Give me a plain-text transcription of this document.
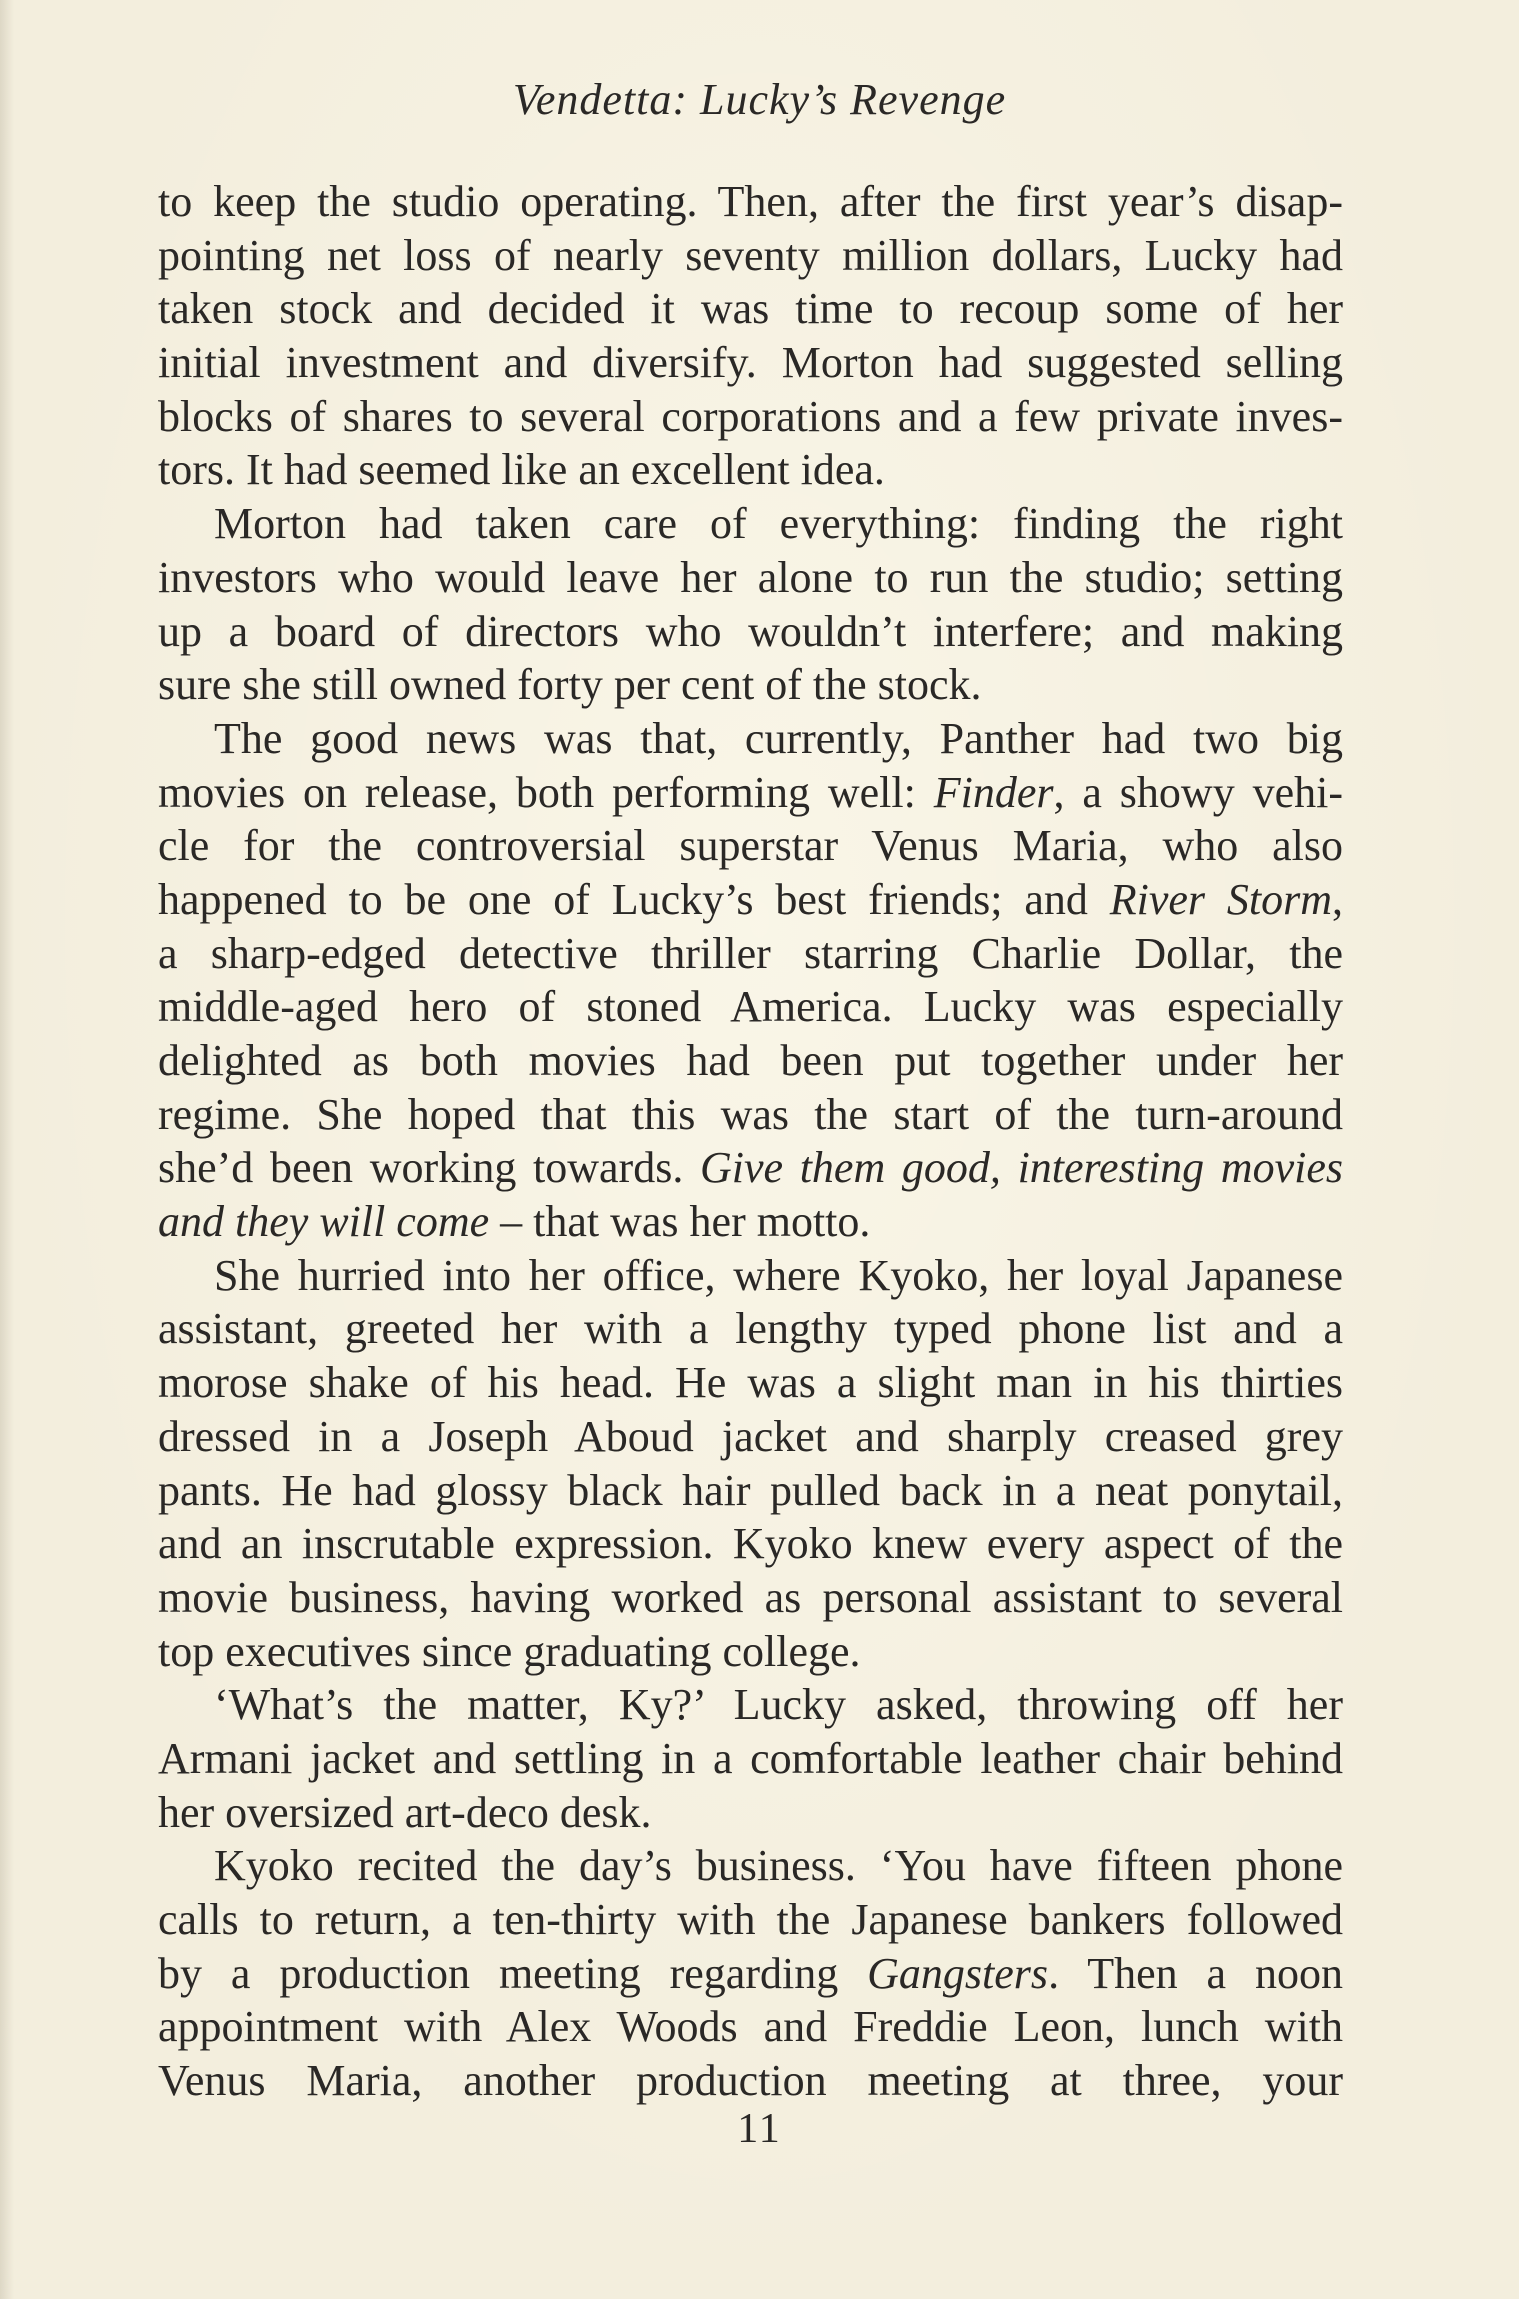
Vendetta: Lucky’s Revenge
to keep the studio operating. Then, after the first year’s disap-
pointing net loss of nearly seventy million dollars, Lucky had
taken stock and decided it was time to recoup some of her
initial investment and diversify. Morton had suggested selling
blocks of shares to several corporations and a few private inves-
tors. It had seemed like an excellent idea.
Morton had taken care of everything: finding the right
investors who would leave her alone to run the studio; setting
up a board of directors who wouldn’t interfere; and making
sure she still owned forty per cent of the stock.
The good news was that, currently, Panther had two big
movies on release, both performing well: Finder, a showy vehi-
cle for the controversial superstar Venus Maria, who also
happened to be one of Lucky’s best friends; and River Storm,
a sharp-edged detective thriller starring Charlie Dollar, the
middle-aged hero of stoned America. Lucky was especially
delighted as both movies had been put together under her
regime. She hoped that this was the start of the turn-around
she’d been working towards. Give them good, interesting movies
and they will come – that was her motto.
She hurried into her office, where Kyoko, her loyal Japanese
assistant, greeted her with a lengthy typed phone list and a
morose shake of his head. He was a slight man in his thirties
dressed in a Joseph Aboud jacket and sharply creased grey
pants. He had glossy black hair pulled back in a neat ponytail,
and an inscrutable expression. Kyoko knew every aspect of the
movie business, having worked as personal assistant to several
top executives since graduating college.
‘What’s the matter, Ky?’ Lucky asked, throwing off her
Armani jacket and settling in a comfortable leather chair behind
her oversized art-deco desk.
Kyoko recited the day’s business. ‘You have fifteen phone
calls to return, a ten-thirty with the Japanese bankers followed
by a production meeting regarding Gangsters. Then a noon
appointment with Alex Woods and Freddie Leon, lunch with
Venus Maria, another production meeting at three, your
11
